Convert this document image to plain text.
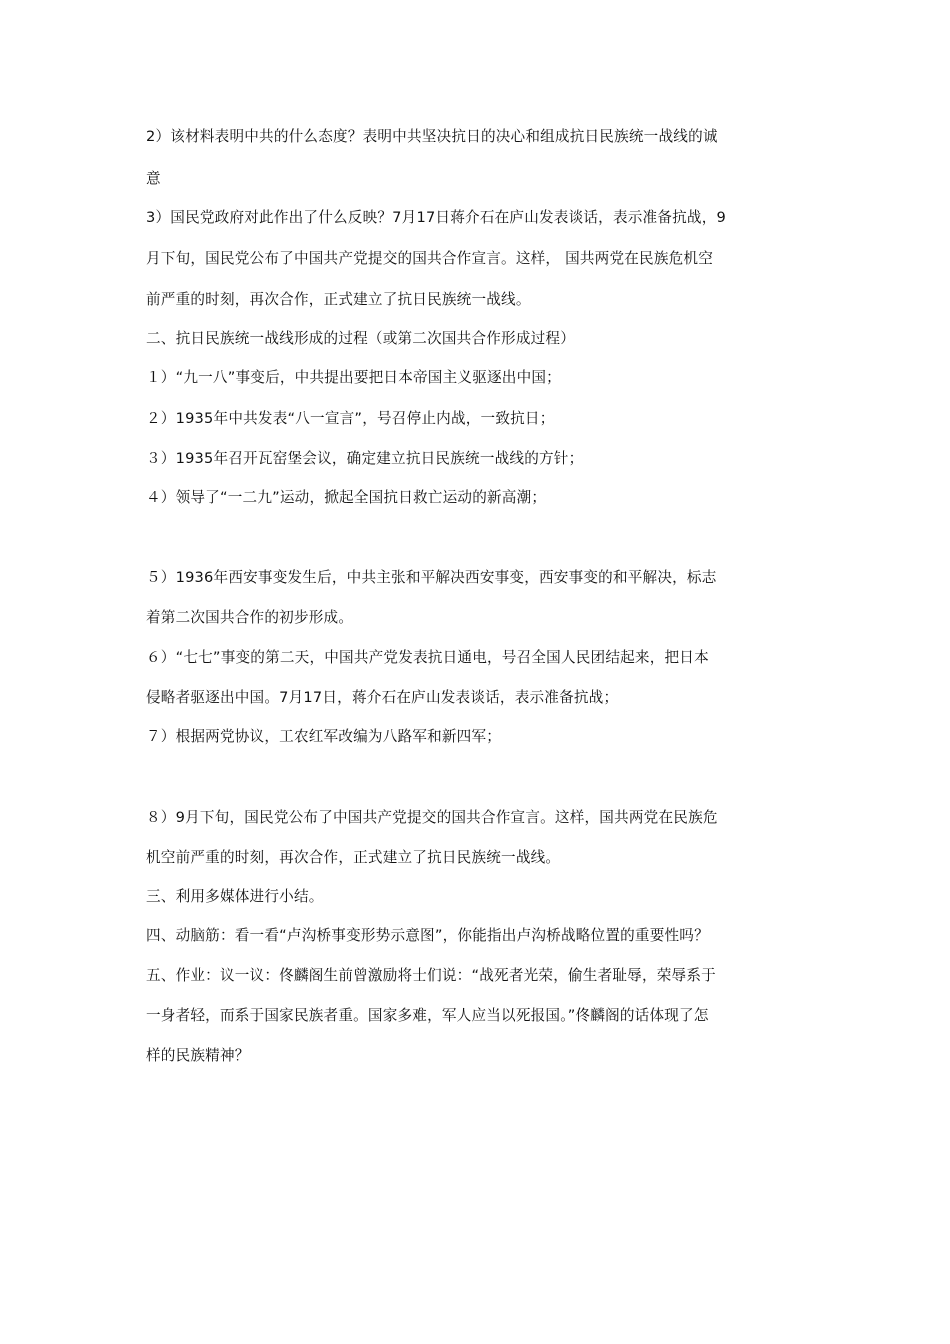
2）该材料表明中共的什么态度？表明中共坚决抗日的决心和组成抗日民族统一战线的诚
意
3）国民党政府对此作出了什么反映？7月17日蒋介石在庐山发表谈话，表示准备抗战，9
月下旬，国民党公布了中国共产党提交的国共合作宣言。这样， 国共两党在民族危机空
前严重的时刻，再次合作，正式建立了抗日民族统一战线。
二、抗日民族统一战线形成的过程（或第二次国共合作形成过程）
１）“九一八”事变后，中共提出要把日本帝国主义驱逐出中国；
２）1935年中共发表“八一宣言”，号召停止内战，一致抗日；
３）1935年召开瓦窑堡会议，确定建立抗日民族统一战线的方针；
４）领导了“一二九”运动，掀起全国抗日救亡运动的新高潮；
５）1936年西安事变发生后，中共主张和平解决西安事变，西安事变的和平解决，标志
着第二次国共合作的初步形成。
６）“七七”事变的第二天，中国共产党发表抗日通电，号召全国人民团结起来，把日本
侵略者驱逐出中国。7月17日，蒋介石在庐山发表谈话，表示准备抗战；
７）根据两党协议，工农红军改编为八路军和新四军；
８）9月下旬，国民党公布了中国共产党提交的国共合作宣言。这样，国共两党在民族危
机空前严重的时刻，再次合作，正式建立了抗日民族统一战线。
三、利用多媒体进行小结。
四、动脑筋：看一看“卢沟桥事变形势示意图”，你能指出卢沟桥战略位置的重要性吗？
五、作业：议一议：佟麟阁生前曾激励将士们说：“战死者光荣，偷生者耻辱，荣辱系于
一身者轻，而系于国家民族者重。国家多难，军人应当以死报国。”佟麟阁的话体现了怎
样的民族精神？
